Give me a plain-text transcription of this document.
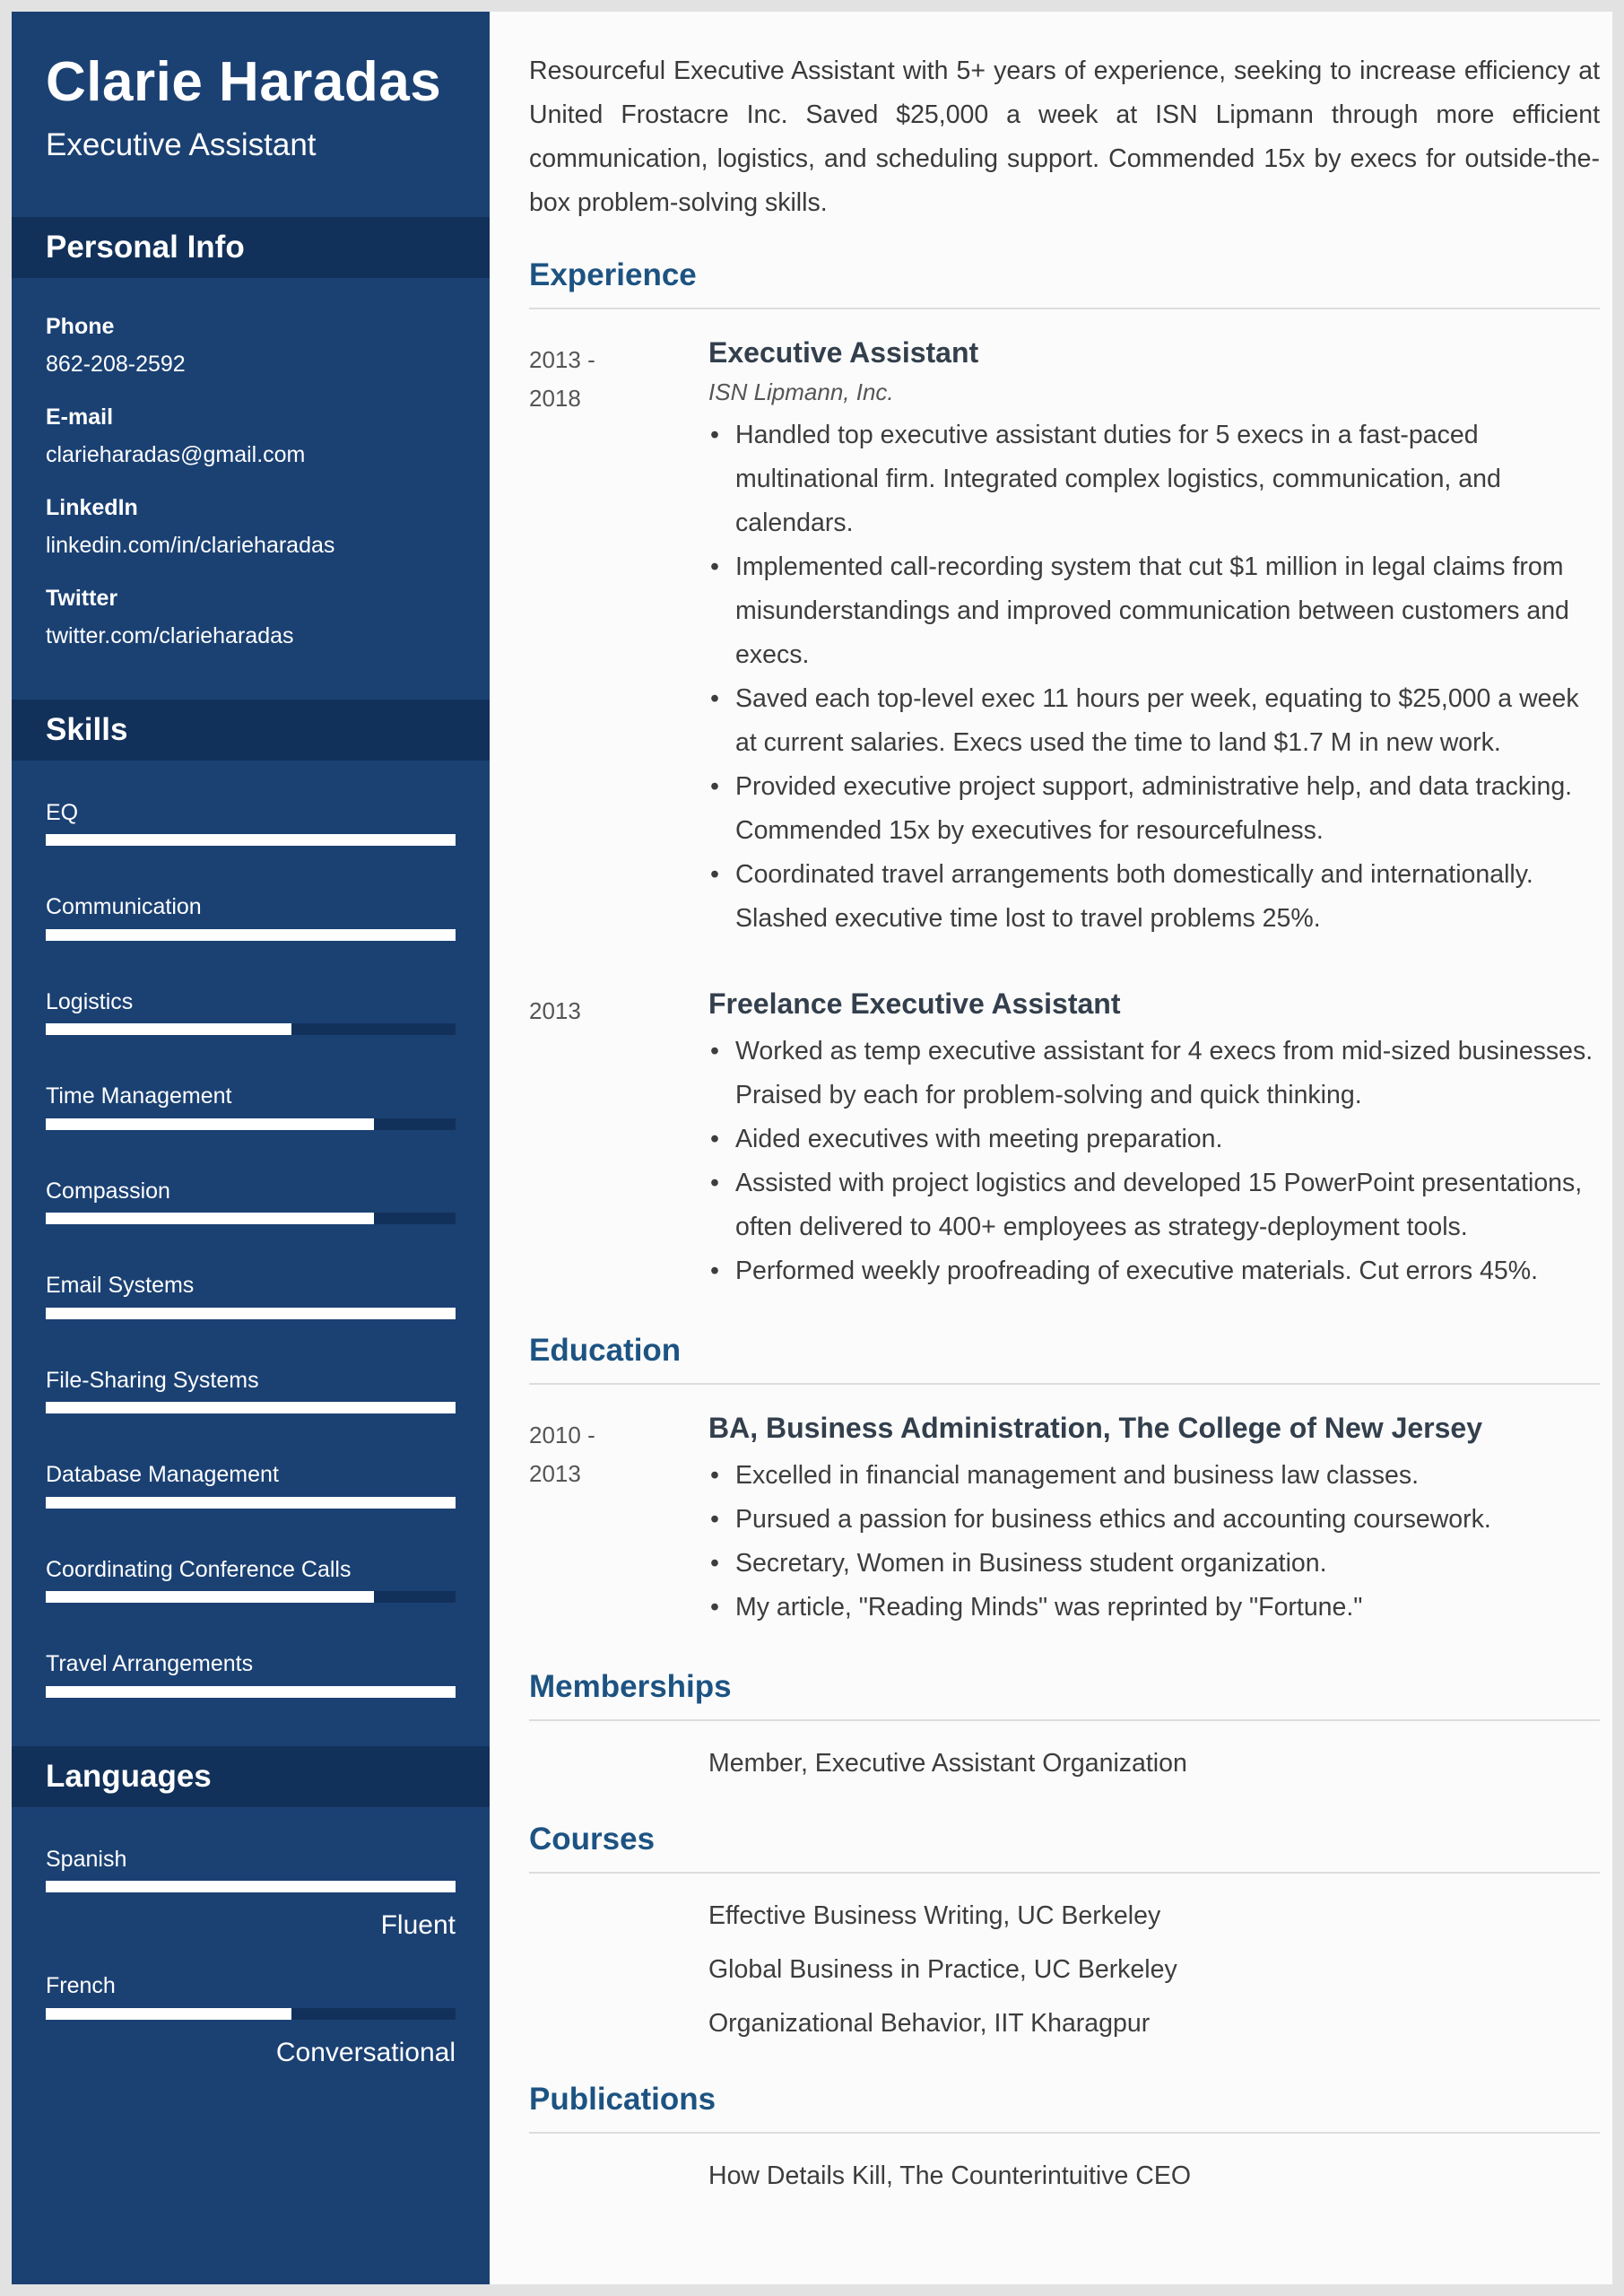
Clarie Haradas
Executive Assistant
Personal Info
Phone
862-208-2592
E-mail
clarieharadas@gmail.com
LinkedIn
linkedin.com/in/clarieharadas
Twitter
twitter.com/clarieharadas
Skills
EQ
Communication
Logistics
Time Management
Compassion
Email Systems
File-Sharing Systems
Database Management
Coordinating Conference Calls
Travel Arrangements
Languages
Spanish
Fluent
French
Conversational

Resourceful Executive Assistant with 5+ years of experience, seeking to increase efficiency at United Frostacre Inc. Saved $25,000 a week at ISN Lipmann through more efficient communication, logistics, and scheduling support. Commended 15x by execs for outside-the-box problem-solving skills.

Experience
2013 -
2018
Executive Assistant
ISN Lipmann, Inc.
• Handled top executive assistant duties for 5 execs in a fast-paced multinational firm. Integrated complex logistics, communication, and calendars.
• Implemented call-recording system that cut $1 million in legal claims from misunderstandings and improved communication between customers and execs.
• Saved each top-level exec 11 hours per week, equating to $25,000 a week at current salaries. Execs used the time to land $1.7 M in new work.
• Provided executive project support, administrative help, and data tracking. Commended 15x by executives for resourcefulness.
• Coordinated travel arrangements both domestically and internationally. Slashed executive time lost to travel problems 25%.
2013	Freelance Executive Assistant
• Worked as temp executive assistant for 4 execs from mid-sized businesses. Praised by each for problem-solving and quick thinking.
• Aided executives with meeting preparation.
• Assisted with project logistics and developed 15 PowerPoint presentations, often delivered to 400+ employees as strategy-deployment tools.
• Performed weekly proofreading of executive materials. Cut errors 45%.
Education
2010 -
2013
BA, Business Administration, The College of New Jersey
• Excelled in financial management and business law classes.
• Pursued a passion for business ethics and accounting coursework.
• Secretary, Women in Business student organization.
• My article, "Reading Minds" was reprinted by "Fortune."
Memberships
Member, Executive Assistant Organization
Courses
Effective Business Writing, UC Berkeley
Global Business in Practice, UC Berkeley
Organizational Behavior, IIT Kharagpur
Publications
How Details Kill, The Counterintuitive CEO
